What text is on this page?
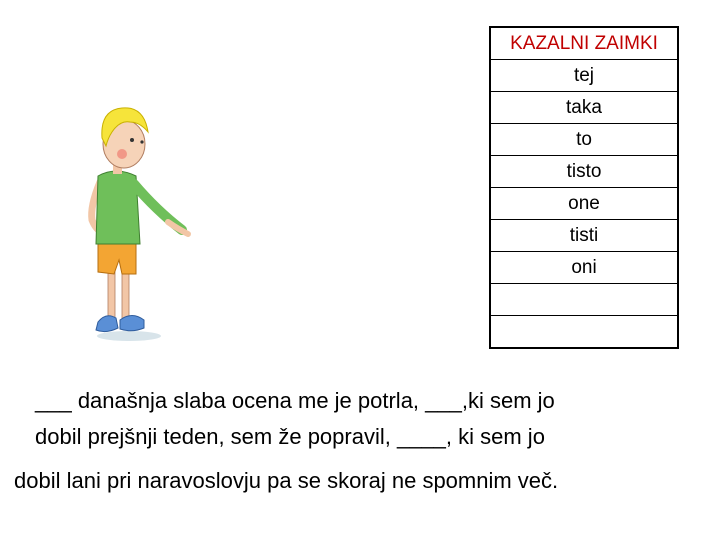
KAZALNI ZAIMKI
tej
taka
to
tisto
one
tisti
oni

___ današnja slaba ocena me je potrla, ___,ki sem jo
dobil prejšnji teden, sem že popravil, ____, ki sem jo
dobil lani pri naravoslovju pa se skoraj ne spomnim več.
